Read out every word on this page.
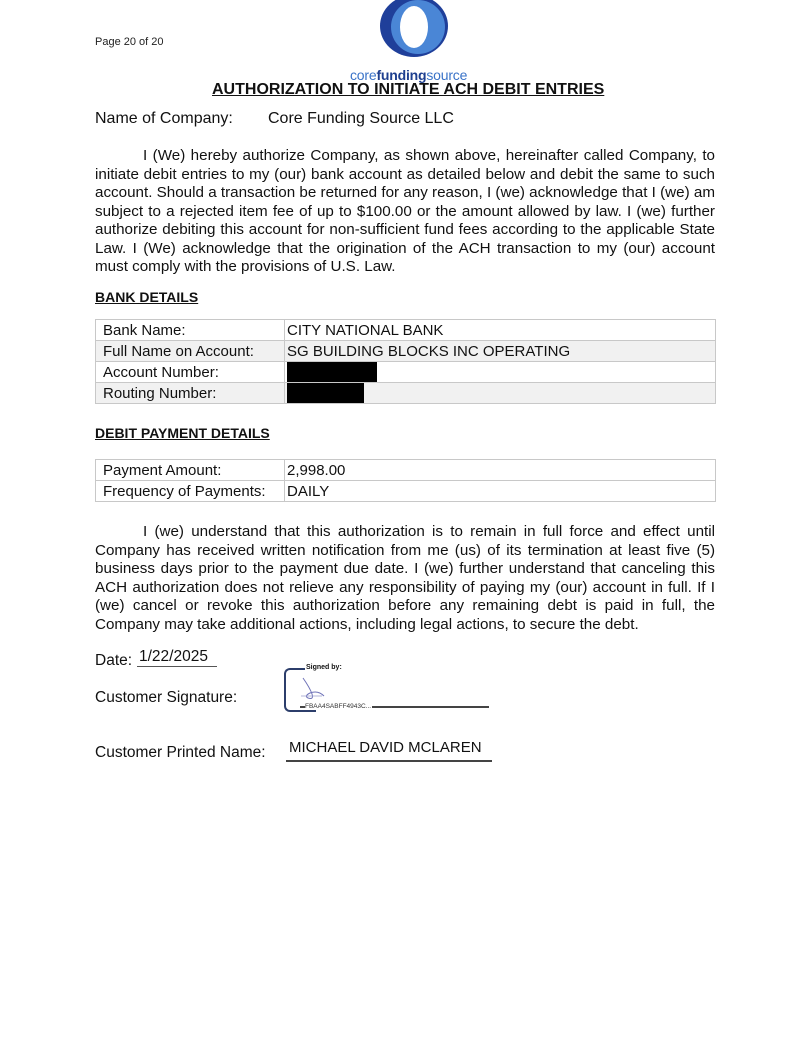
Page 20 of 20
corefundingsource
AUTHORIZATION TO INITIATE ACH DEBIT ENTRIES
Name of Company: Core Funding Source LLC
I (We) hereby authorize Company, as shown above, hereinafter called Company, to initiate debit entries to my (our) bank account as detailed below and debit the same to such account. Should a transaction be returned for any reason, I (we) acknowledge that I (we) am subject to a rejected item fee of up to $100.00 or the amount allowed by law. I (we) further authorize debiting this account for non-sufficient fund fees according to the applicable State Law. I (We) acknowledge that the origination of the ACH transaction to my (our) account must comply with the provisions of U.S. Law.
BANK DETAILS
Bank Name:	CITY NATIONAL BANK
Full Name on Account:	SG BUILDING BLOCKS INC OPERATING
Account Number:	
Routing Number:	
DEBIT PAYMENT DETAILS
Payment Amount:	2,998.00
Frequency of Payments:	DAILY
I (we) understand that this authorization is to remain in full force and effect until Company has received written notification from me (us) of its termination at least five (5) business days prior to the payment due date. I (we) further understand that canceling this ACH authorization does not relieve any responsibility of paying my (our) account in full. If I (we) cancel or revoke this authorization before any remaining debt is paid in full, the Company may take additional actions, including legal actions, to secure the debt.
Date: 1/22/2025
Customer Signature:
Signed by:
FBAA4SABFF4943C...
Customer Printed Name: MICHAEL DAVID MCLAREN
